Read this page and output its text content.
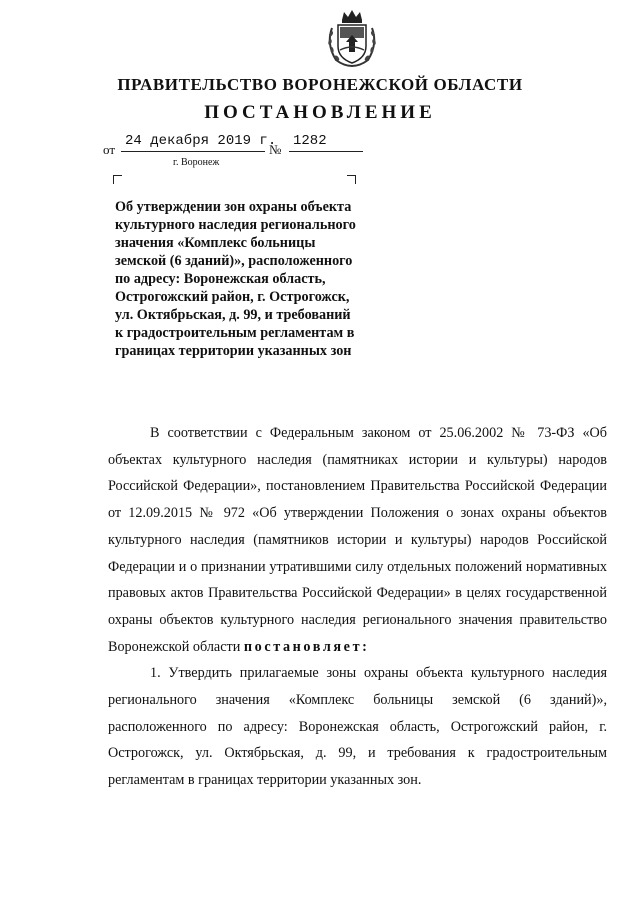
ПРАВИТЕЛЬСТВО ВОРОНЕЖСКОЙ ОБЛАСТИ
ПОСТАНОВЛЕНИЕ
от
24 декабря 2019 г.
№
1282
г. Воронеж
Об утверждении зон охраны объекта
культурного наследия регионального
значения «Комплекс больницы
земской (6 зданий)», расположенного
по адресу: Воронежская область,
Острогожский район, г. Острогожск,
ул. Октябрьская, д. 99, и требований
к градостроительным регламентам в
границах территории указанных зон

В соответствии с Федеральным законом от 25.06.2002 № 73-ФЗ «Об объектах культурного наследия (памятниках истории и культуры) народов Российской Федерации», постановлением Правительства Российской Федерации от 12.09.2015 № 972 «Об утверждении Положения о зонах охраны объектов культурного наследия (памятников истории и культуры) народов Российской Федерации и о признании утратившими силу отдельных положений нормативных правовых актов Правительства Российской Федерации» в целях государственной охраны объектов культурного наследия регионального значения правительство Воронежской области постановляет:

1. Утвердить прилагаемые зоны охраны объекта культурного наследия регионального значения «Комплекс больницы земской (6 зданий)», расположенного по адресу: Воронежская область, Острогожский район, г. Острогожск, ул. Октябрьская, д. 99, и требования к градостроительным регламентам в границах территории указанных зон.
